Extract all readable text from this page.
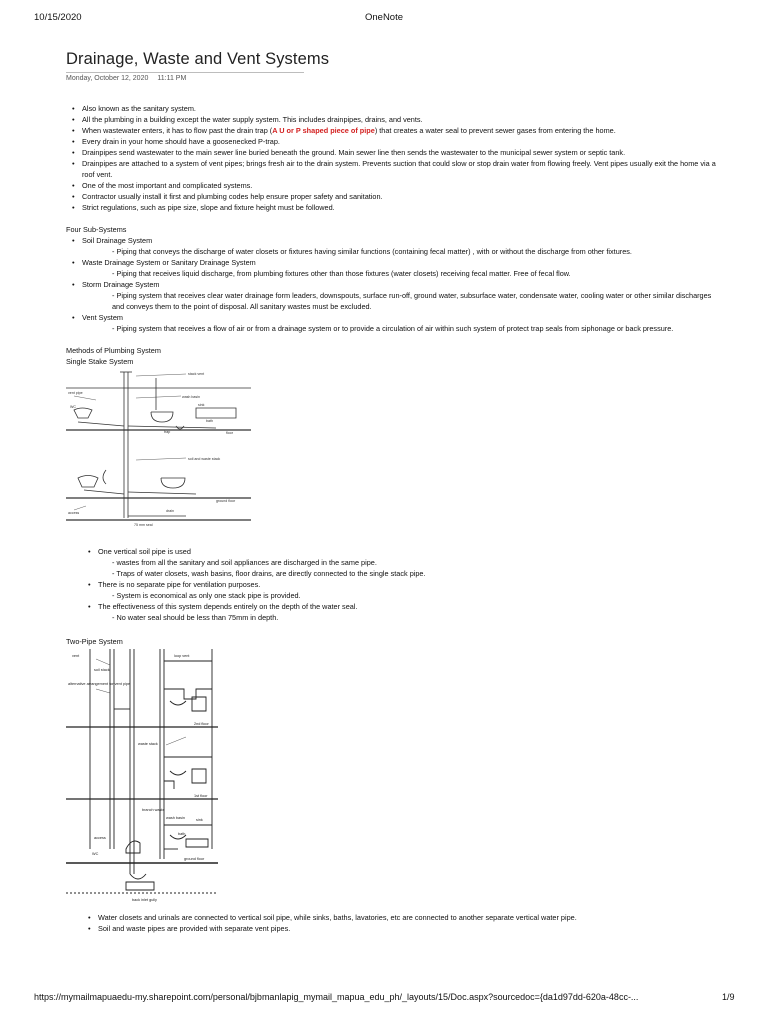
10/15/2020	OneNote
Drainage, Waste and Vent Systems
Monday, October 12, 2020 11:11 PM
• Also known as the sanitary system.
• All the plumbing in a building except the water supply system. This includes drainpipes, drains, and vents.
• When wastewater enters, it has to flow past the drain trap (A U or P shaped piece of pipe) that creates a water seal to prevent sewer gases from entering the home.
• Every drain in your home should have a goosenecked P-trap.
• Drainpipes send wastewater to the main sewer line buried beneath the ground. Main sewer line then sends the wastewater to the municipal sewer system or septic tank.
• Drainpipes are attached to a system of vent pipes; brings fresh air to the drain system. Prevents suction that could slow or stop drain water from flowing freely. Vent pipes usually exit the home via a roof vent.
• One of the most important and complicated systems.
• Contractor usually install it first and plumbing codes help ensure proper safety and sanitation.
• Strict regulations, such as pipe size, slope and fixture height must be followed.
Four Sub-Systems
• Soil Drainage System
- Piping that conveys the discharge of water closets or fixtures having similar functions (containing fecal matter) , with or without the discharge from other fixtures.
• Waste Drainage System or Sanitary Drainage System
- Piping that receives liquid discharge, from plumbing fixtures other than those fixtures (water closets) receiving fecal matter. Free of fecal flow.
• Storm Drainage System
- Piping system that receives clear water drainage form leaders, downspouts, surface run-off, ground water, subsurface water, condensate water, cooling water or other similar discharges and conveys them to the point of disposal. All sanitary wastes must be excluded.
• Vent System
- Piping system that receives a flow of air or from a drainage system or to provide a circulation of air within such system of protect trap seals from siphonage or back pressure.
Methods of Plumbing System
Single Stake System
stack vent
vent pipe
wash basin
WC
trap	floor
soil and waste stack
sink
bath
drain
access
ground floor
75 mm seal
• One vertical soil pipe is used
- wastes from all the sanitary and soil appliances are discharged in the same pipe.
- Traps of water closets, wash basins, floor drains, are directly connected to the single stack pipe.
• There is no separate pipe for ventilation purposes.
- System is economical as only one stack pipe is provided.
• The effectiveness of this system depends entirely on the depth of the water seal.
- No water seal should be less than 75mm in depth.
Two-Pipe System
vent
soil stack
alternative arrangement for vent pipe
loop vent
2nd floor
waste stack
1st floor
branch waste
wash basin
bath
sink
access
WC
ground floor
back inlet gully
• Water closets and urinals are connected to vertical soil pipe, while sinks, baths, lavatories, etc are connected to another separate vertical water pipe.
• Soil and waste pipes are provided with separate vent pipes.
https://mymailmapuaedu-my.sharepoint.com/personal/bjbmanlapig_mymail_mapua_edu_ph/_layouts/15/Doc.aspx?sourcedoc={da1d97dd-620a-48cc-...	1/9
